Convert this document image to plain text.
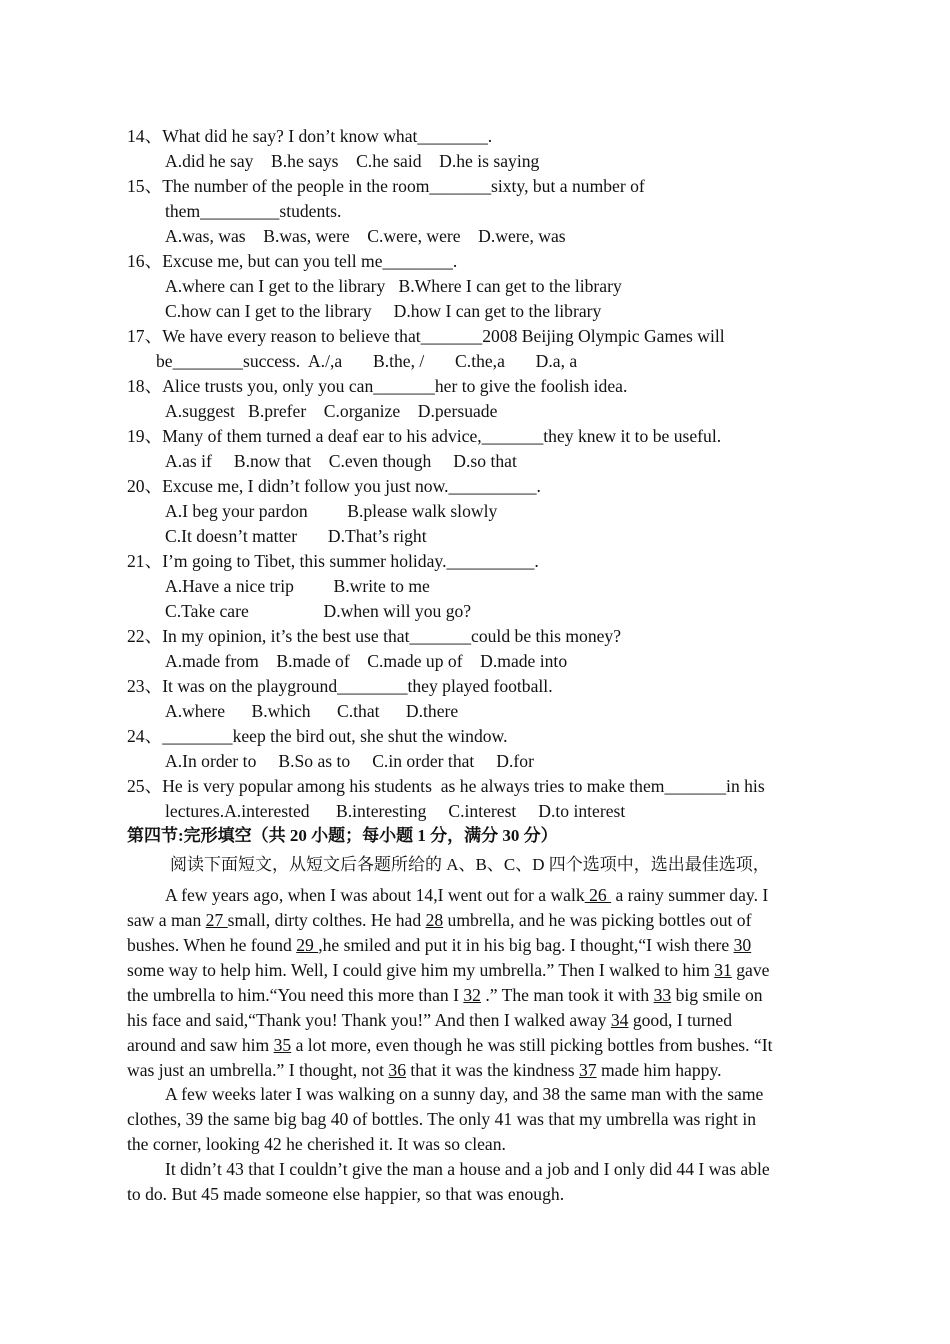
14、What did he say? I don’t know what________.
A.did he say    B.he says    C.he said    D.he is saying
15、The number of the people in the room_______sixty, but a number of
them_________students.
A.was, was    B.was, were    C.were, were    D.were, was
16、Excuse me, but can you tell me________.
A.where can I get to the library   B.Where I can get to the library
C.how can I get to the library     D.how I can get to the library
17、We have every reason to believe that_______2008 Beijing Olympic Games will
be________success.  A./,a       B.the, /       C.the,a       D.a, a
18、Alice trusts you, only you can_______her to give the foolish idea.
A.suggest   B.prefer    C.organize    D.persuade
19、Many of them turned a deaf ear to his advice,_______they knew it to be useful.
A.as if     B.now that    C.even though     D.so that
20、Excuse me, I didn’t follow you just now.__________.
A.I beg your pardon         B.please walk slowly
C.It doesn’t matter       D.That’s right
21、I’m going to Tibet, this summer holiday.__________.
A.Have a nice trip         B.write to me
C.Take care                 D.when will you go?
22、In my opinion, it’s the best use that_______could be this money?
A.made from    B.made of    C.made up of    D.made into
23、It was on the playground________they played football.
A.where      B.which      C.that      D.there
24、________keep the bird out, she shut the window.
A.In order to     B.So as to     C.in order that     D.for
25、He is very popular among his students  as he always tries to make them_______in his
lectures.A.interested      B.interesting     C.interest     D.to interest
第四节:完形填空（共 20 小题；每小题 1 分，满分 30 分）
阅读下面短文，从短文后各题所给的 A、B、C、D 四个选项中，选出最佳选项，
A few years ago, when I was about 14,I went out for a walk 26  a rainy summer day. I
saw a man 27 small, dirty colthes. He had 28 umbrella, and he was picking bottles out of
bushes. When he found 29 ,he smiled and put it in his big bag. I thought,“I wish there 30
some way to help him. Well, I could give him my umbrella.” Then I walked to him 31 gave
the umbrella to him.“You need this more than I 32 .” The man took it with 33 big smile on
his face and said,“Thank you! Thank you!” And then I walked away 34 good, I turned
around and saw him 35 a lot more, even though he was still picking bottles from bushes. “It
was just an umbrella.” I thought, not 36 that it was the kindness 37 made him happy.
A few weeks later I was walking on a sunny day, and 38 the same man with the same
clothes, 39 the same big bag 40 of bottles. The only 41 was that my umbrella was right in
the corner, looking 42 he cherished it. It was so clean.
It didn’t 43 that I couldn’t give the man a house and a job and I only did 44 I was able
to do. But 45 made someone else happier, so that was enough.
